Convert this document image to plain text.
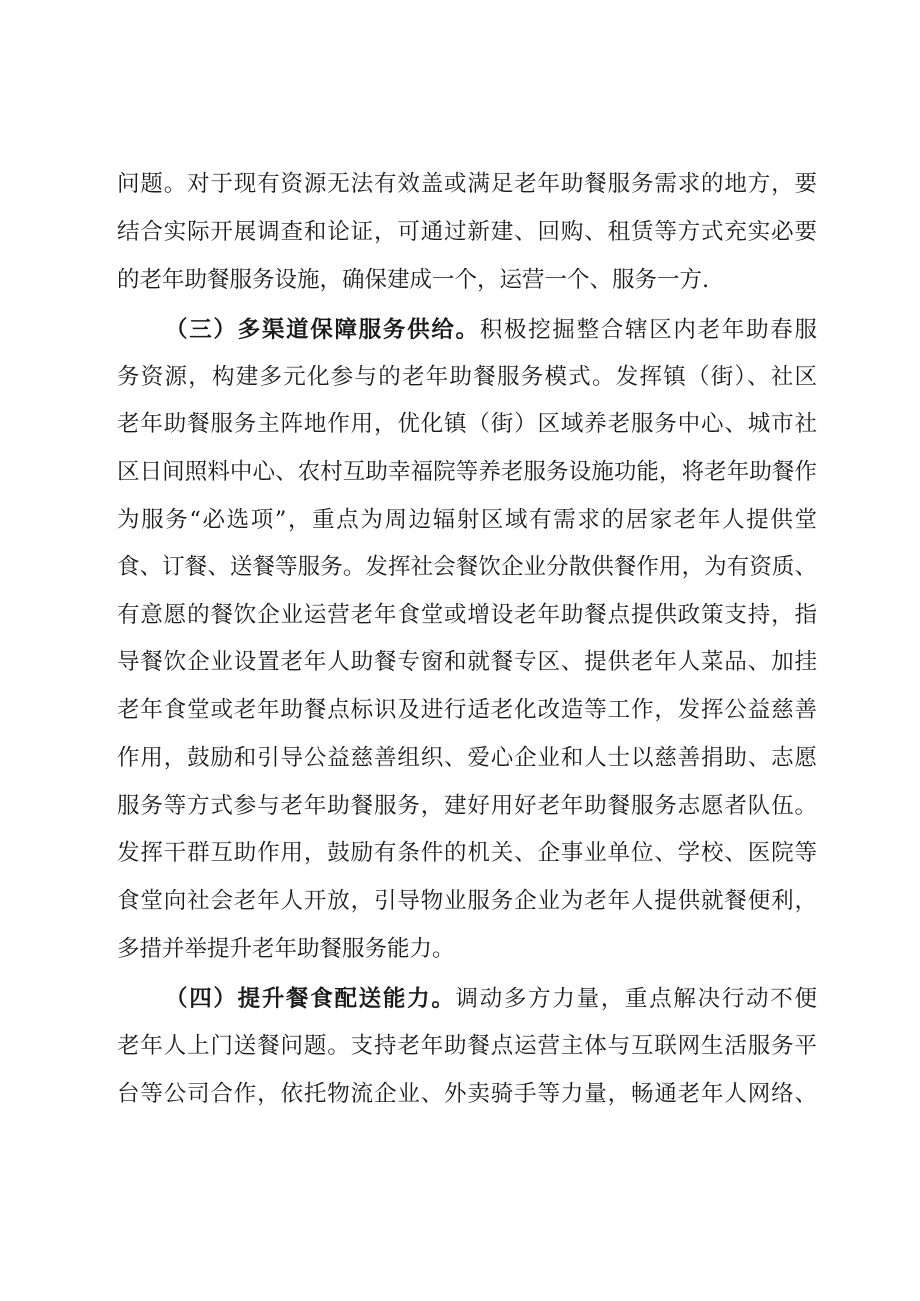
问题。对于现有资源无法有效盖或满足老年助餐服务需求的地方，要
结合实际开展调查和论证，可通过新建、回购、租赁等方式充实必要
的老年助餐服务设施，确保建成一个，运营一个、服务一方.
（三）多渠道保障服务供给。积极挖掘整合辖区内老年助春服
务资源，构建多元化参与的老年助餐服务模式。发挥镇（街）、社区
老年助餐服务主阵地作用，优化镇（街）区域养老服务中心、城市社
区日间照料中心、农村互助幸福院等养老服务设施功能，将老年助餐作
为服务“必选项”，重点为周边辐射区域有需求的居家老年人提供堂
食、订餐、送餐等服务。发挥社会餐饮企业分散供餐作用，为有资质、
有意愿的餐饮企业运营老年食堂或增设老年助餐点提供政策支持，指
导餐饮企业设置老年人助餐专窗和就餐专区、提供老年人菜品、加挂
老年食堂或老年助餐点标识及进行适老化改造等工作，发挥公益慈善
作用，鼓励和引导公益慈善组织、爱心企业和人士以慈善捐助、志愿
服务等方式参与老年助餐服务，建好用好老年助餐服务志愿者队伍。
发挥干群互助作用，鼓励有条件的机关、企事业单位、学校、医院等
食堂向社会老年人开放，引导物业服务企业为老年人提供就餐便利，
多措并举提升老年助餐服务能力。
（四）提升餐食配送能力。调动多方力量，重点解决行动不便
老年人上门送餐问题。支持老年助餐点运营主体与互联网生活服务平
台等公司合作，依托物流企业、外卖骑手等力量，畅通老年人网络、
